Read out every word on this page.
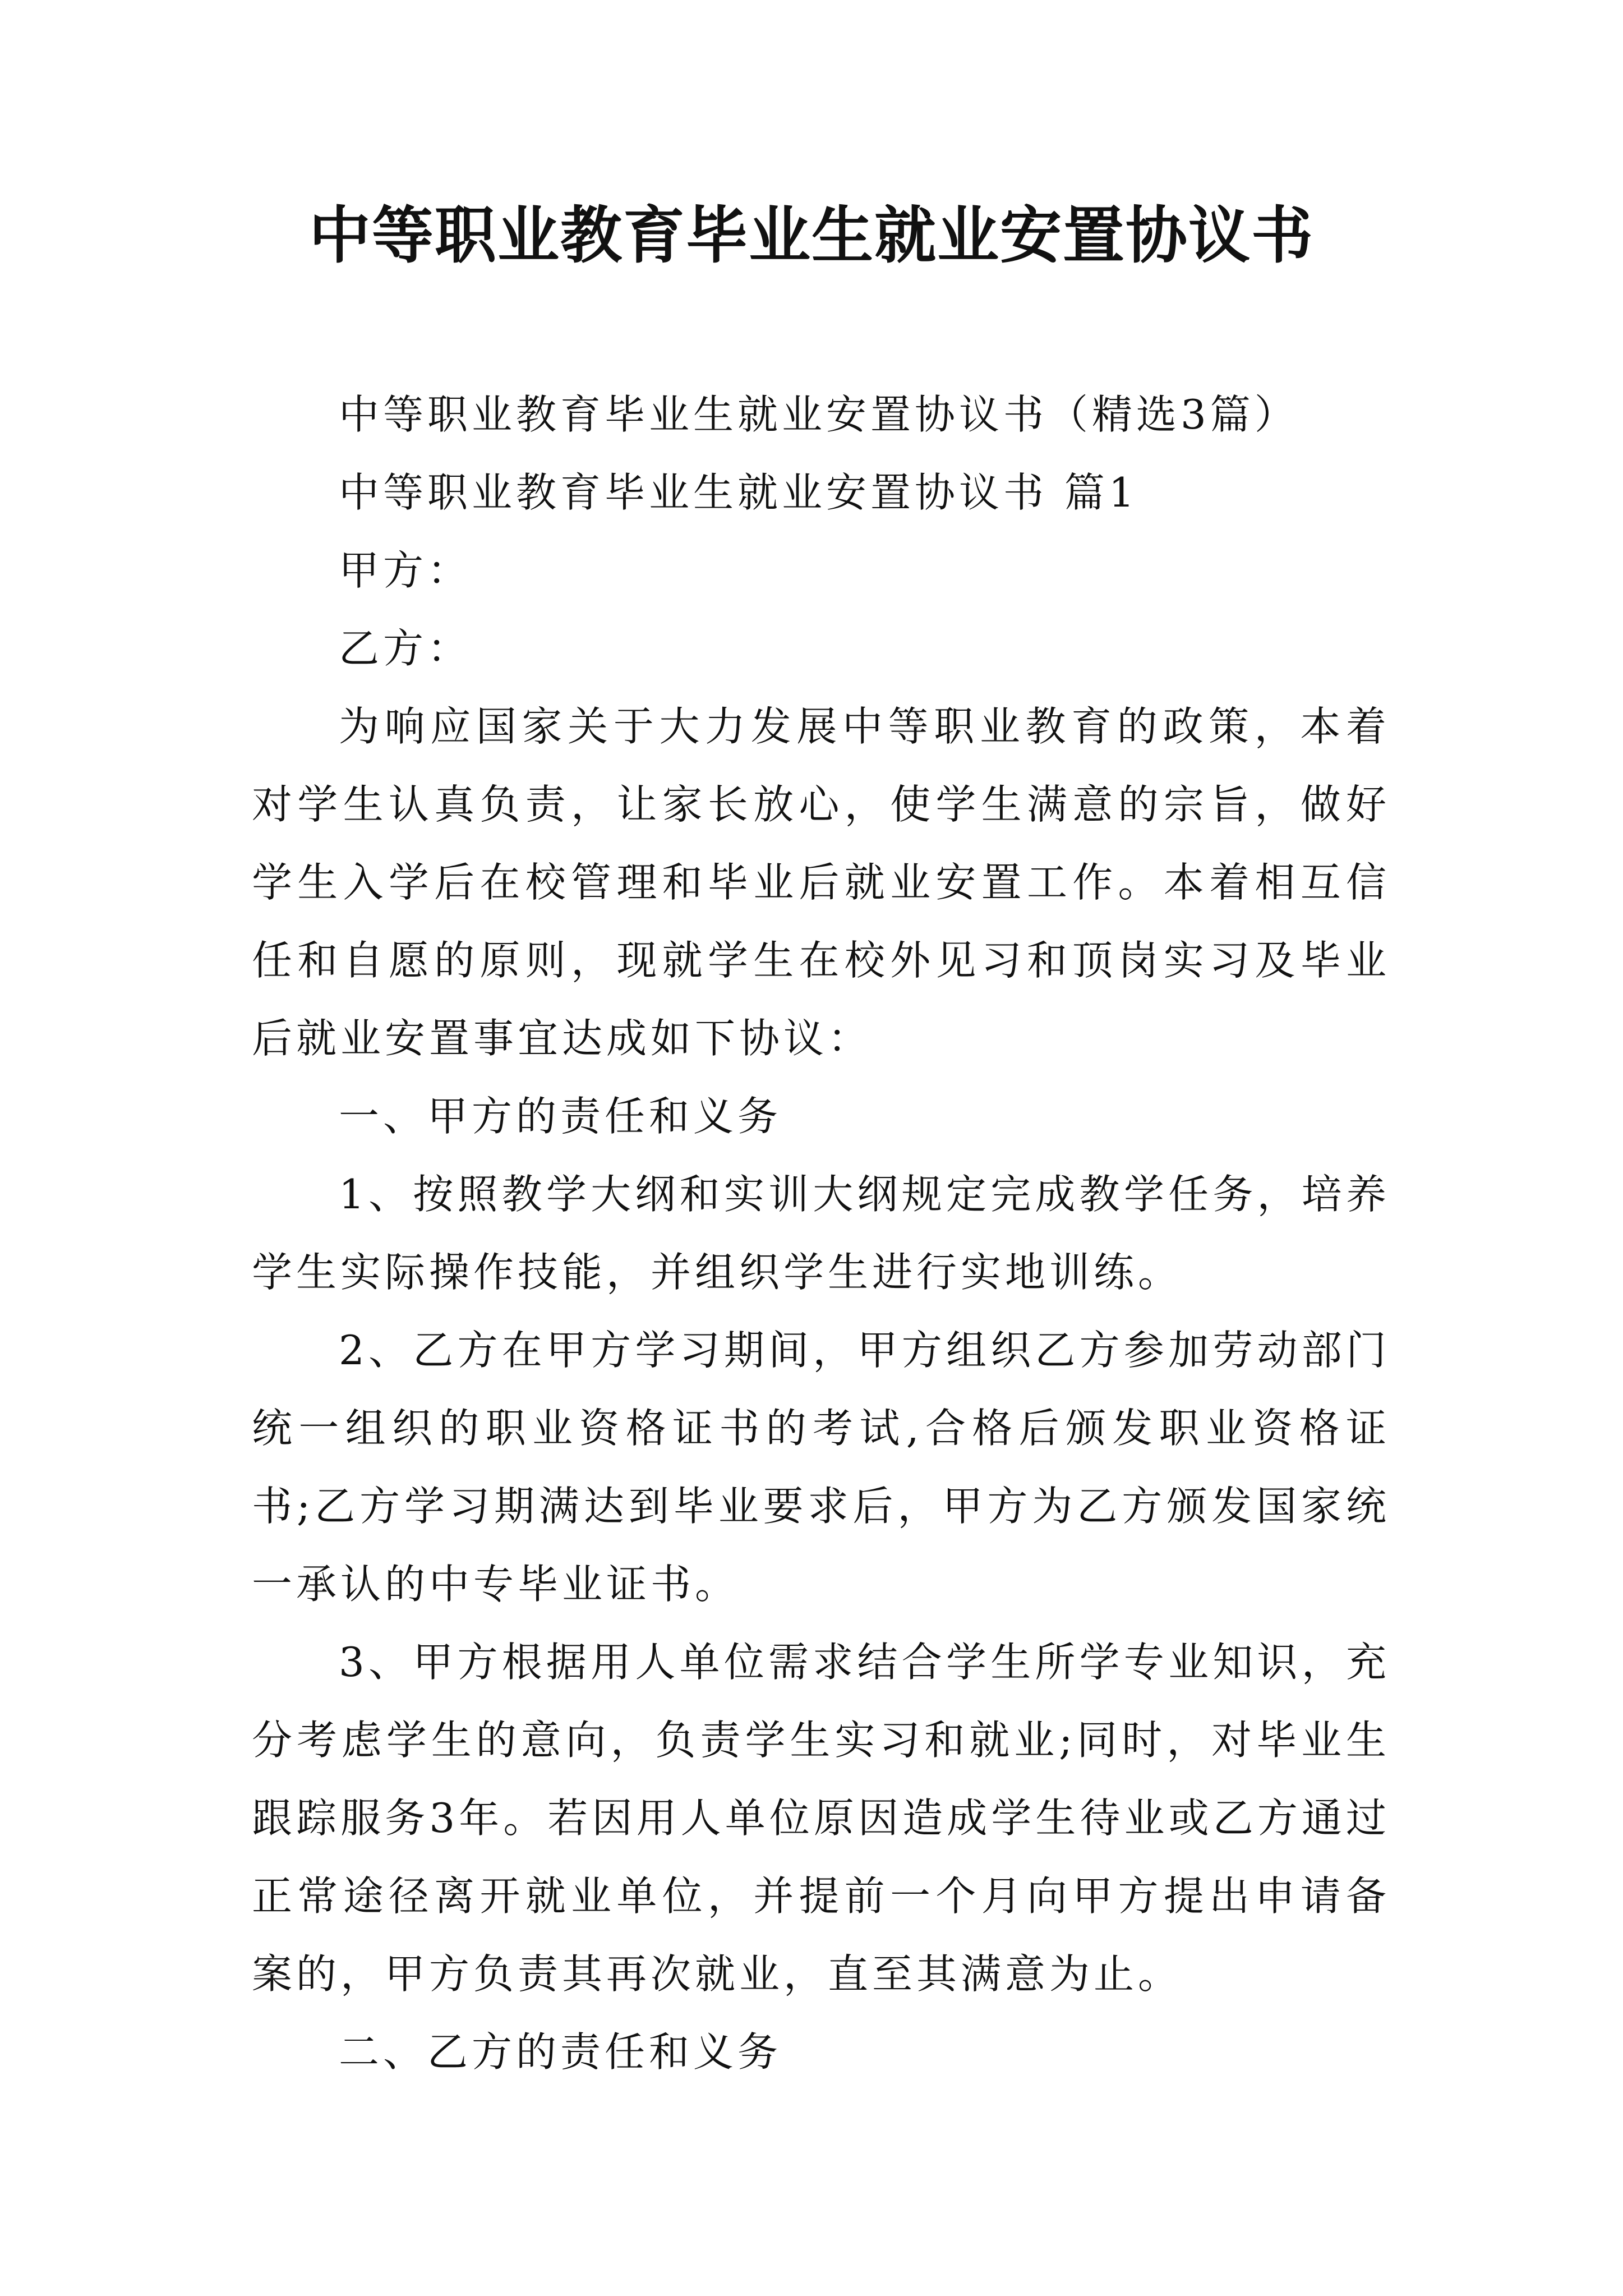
中等职业教育毕业生就业安置协议书

中等职业教育毕业生就业安置协议书（精选3篇）

中等职业教育毕业生就业安置协议书 篇1

甲方：

乙方：

为响应国家关于大力发展中等职业教育的政策，本着对学生认真负责，让家长放心，使学生满意的宗旨，做好学生入学后在校管理和毕业后就业安置工作。本着相互信任和自愿的原则，现就学生在校外见习和顶岗实习及毕业后就业安置事宜达成如下协议：

一、甲方的责任和义务

1、按照教学大纲和实训大纲规定完成教学任务，培养学生实际操作技能，并组织学生进行实地训练。

2、乙方在甲方学习期间，甲方组织乙方参加劳动部门统一组织的职业资格证书的考试,合格后颁发职业资格证书;乙方学习期满达到毕业要求后，甲方为乙方颁发国家统一承认的中专毕业证书。

3、甲方根据用人单位需求结合学生所学专业知识，充分考虑学生的意向，负责学生实习和就业;同时，对毕业生跟踪服务3年。若因用人单位原因造成学生待业或乙方通过正常途径离开就业单位，并提前一个月向甲方提出申请备案的，甲方负责其再次就业，直至其满意为止。

二、乙方的责任和义务
